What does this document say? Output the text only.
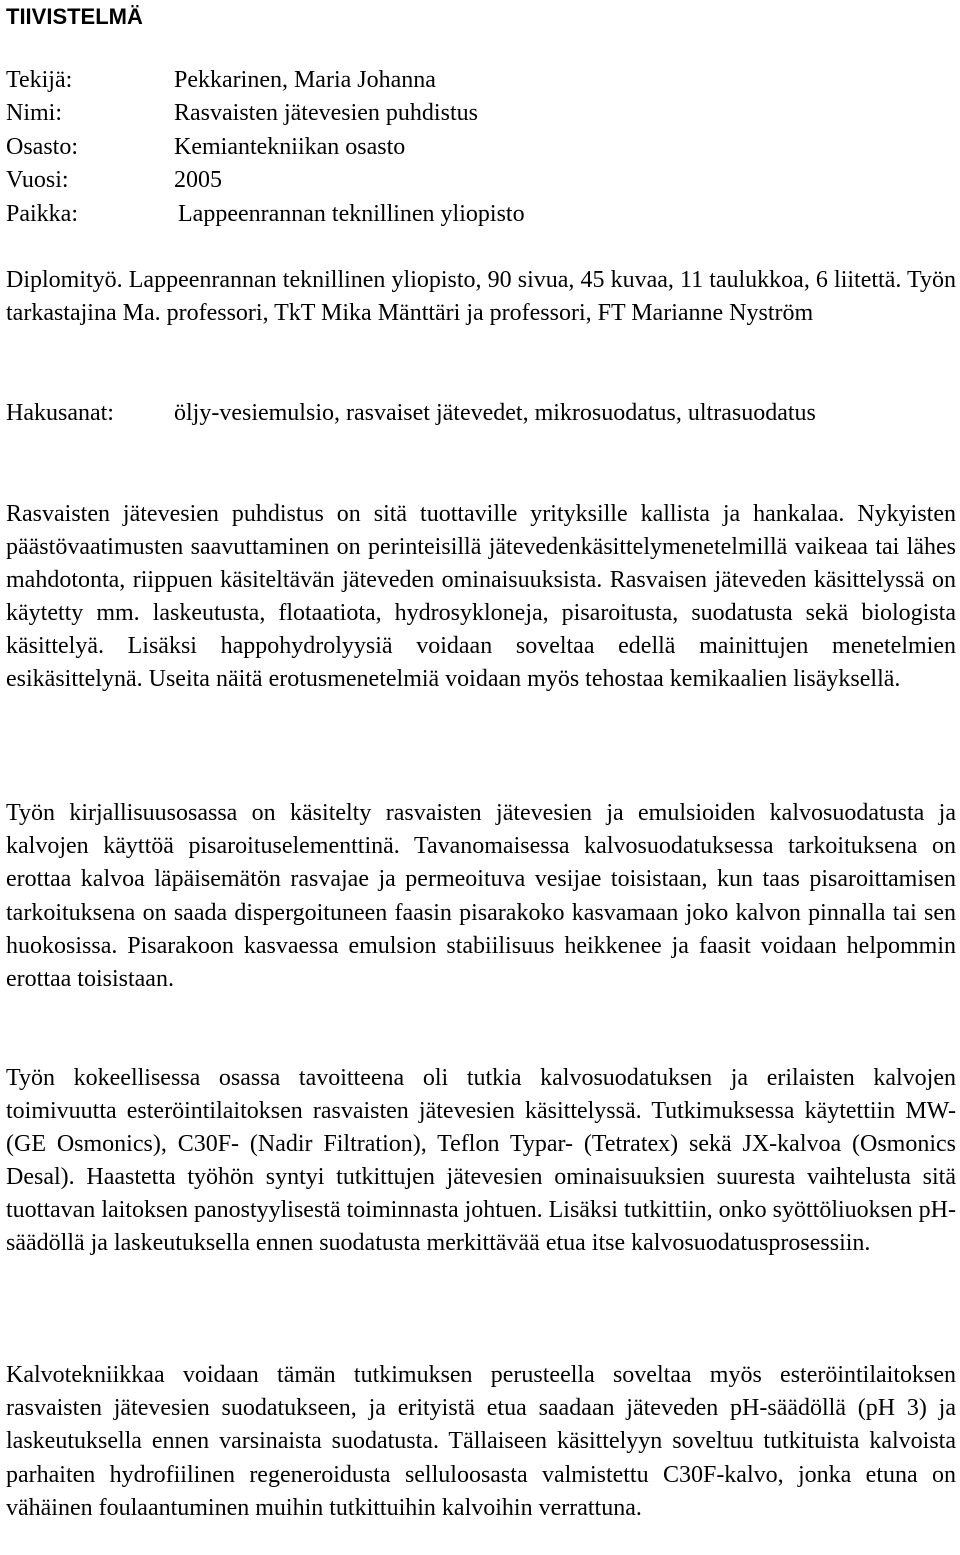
TIIVISTELMÄ
Tekijä:	Pekkarinen, Maria Johanna
Nimi:	Rasvaisten jätevesien puhdistus
Osasto:	Kemiantekniikan osasto
Vuosi:	2005
Paikka:	Lappeenrannan teknillinen yliopisto

Diplomityö. Lappeenrannan teknillinen yliopisto, 90 sivua, 45 kuvaa, 11 taulukkoa, 6 liitettä. Työn tarkastajina Ma. professori, TkT Mika Mänttäri ja professori, FT Marianne Nyström

Hakusanat:	öljy-vesiemulsio, rasvaiset jätevedet, mikrosuodatus, ultrasuodatus

Rasvaisten jätevesien puhdistus on sitä tuottaville yrityksille kallista ja hankalaa. Nykyisten päästövaatimusten saavuttaminen on perinteisillä jätevedenkäsittelymenetelmillä vaikeaa tai lähes mahdotonta, riippuen käsiteltävän jäteveden ominaisuuksista. Rasvaisen jäteveden käsittelyssä on käytetty mm. laskeutusta, flotaatiota, hydrosykloneja, pisaroitusta, suodatusta sekä biologista käsittelyä. Lisäksi happohydrolyysiä voidaan soveltaa edellä mainittujen menetelmien esikäsittelynä. Useita näitä erotusmenetelmiä voidaan myös tehostaa kemikaalien lisäyksellä.

Työn kirjallisuusosassa on käsitelty rasvaisten jätevesien ja emulsioiden kalvosuodatusta ja kalvojen käyttöä pisaroituselementtinä. Tavanomaisessa kalvosuodatuksessa tarkoituksena on erottaa kalvoa läpäisemätön rasvajae ja permeoituva vesijae toisistaan, kun taas pisaroittamisen tarkoituksena on saada dispergoituneen faasin pisarakoko kasvamaan joko kalvon pinnalla tai sen huokosissa. Pisarakoon kasvaessa emulsion stabiilisuus heikkenee ja faasit voidaan helpommin erottaa toisistaan.

Työn kokeellisessa osassa tavoitteena oli tutkia kalvosuodatuksen ja erilaisten kalvojen toimivuutta esteröintilaitoksen rasvaisten jätevesien käsittelyssä. Tutkimuksessa käytettiin MW- (GE Osmonics), C30F- (Nadir Filtration), Teflon Typar- (Tetratex) sekä JX-kalvoa (Osmonics Desal). Haastetta työhön syntyi tutkittujen jätevesien ominaisuuksien suuresta vaihtelusta sitä tuottavan laitoksen panostyylisestä toiminnasta johtuen. Lisäksi tutkittiin, onko syöttöliuoksen pH-säädöllä ja laskeutuksella ennen suodatusta merkittävää etua itse kalvosuodatusprosessiin.

Kalvotekniikkaa voidaan tämän tutkimuksen perusteella soveltaa myös esteröintilaitoksen rasvaisten jätevesien suodatukseen, ja erityistä etua saadaan jäteveden pH-säädöllä (pH 3) ja laskeutuksella ennen varsinaista suodatusta. Tällaiseen käsittelyyn soveltuu tutkituista kalvoista parhaiten hydrofiilinen regeneroidusta selluloosasta valmistettu C30F-kalvo, jonka etuna on vähäinen foulaantuminen muihin tutkittuihin kalvoihin verrattuna.
